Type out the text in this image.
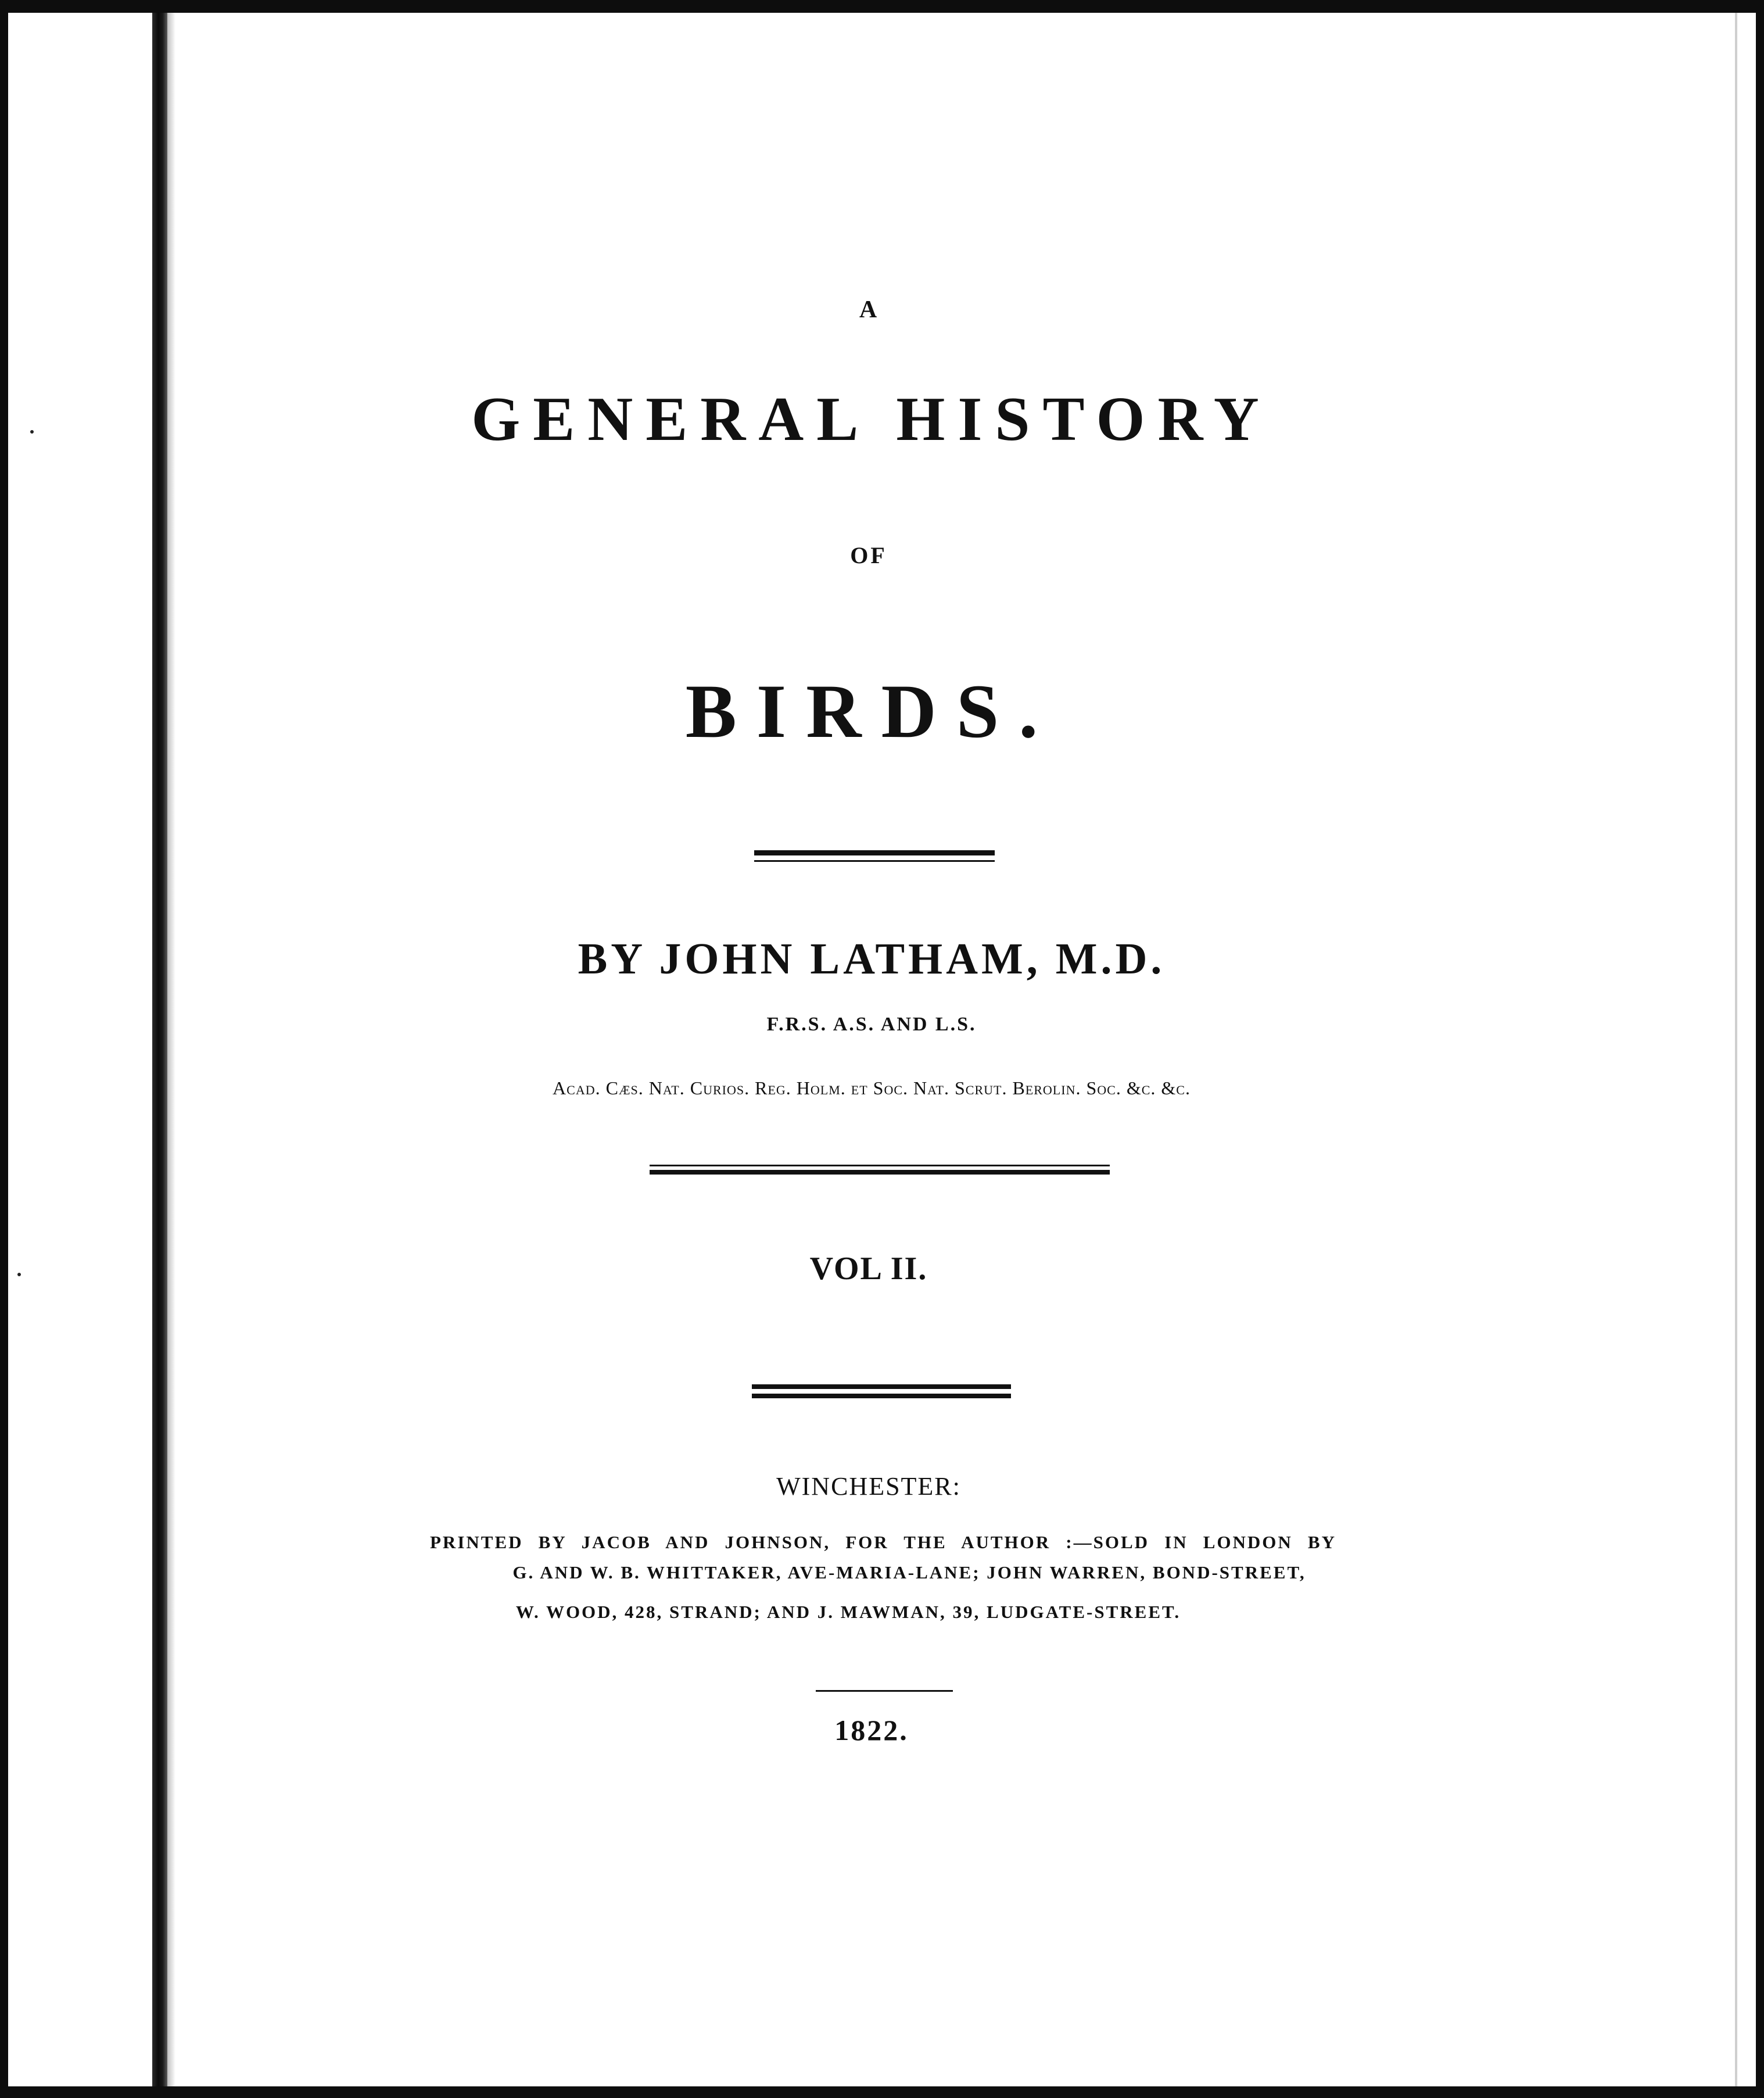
A
GENERAL HISTORY
OF
BIRDS.
BY JOHN LATHAM, M.D.
F.R.S. A.S. AND L.S.
Acad. Cæs. Nat. Curios. Reg. Holm. et Soc. Nat. Scrut. Berolin. Soc. &c. &c.
VOL II.
WINCHESTER:
PRINTED BY JACOB AND JOHNSON, FOR THE AUTHOR :—SOLD IN LONDON BY
G. AND W. B. WHITTAKER, AVE-MARIA-LANE; JOHN WARREN, BOND-STREET,
W. WOOD, 428, STRAND; AND J. MAWMAN, 39, LUDGATE-STREET.
1822.
